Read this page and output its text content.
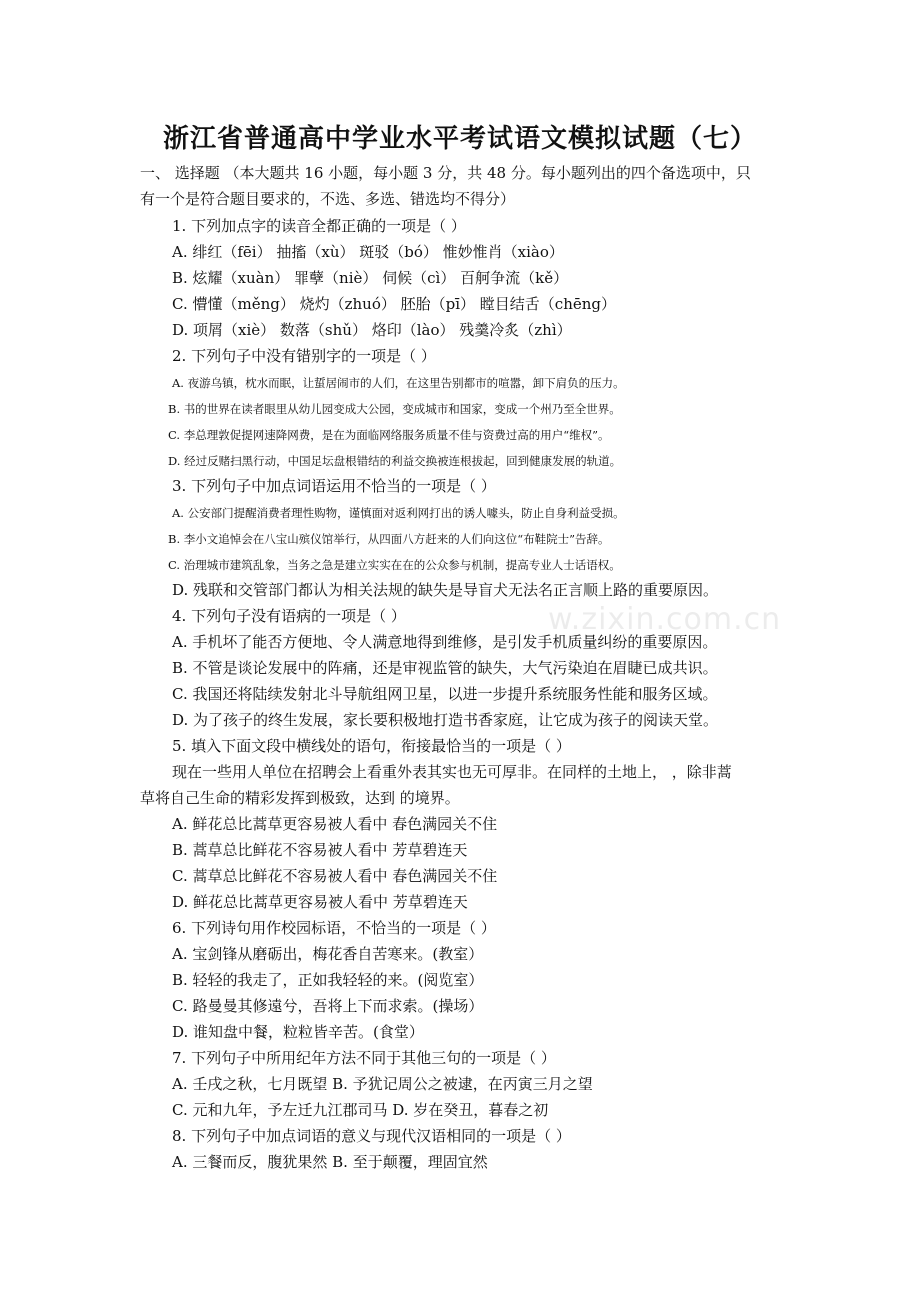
浙江省普通高中学业水平考试语文模拟试题（七）
一、 选择题 （本大题共 16 小题，每小题 3 分，共 48 分。每小题列出的四个备选项中，只
有一个是符合题目要求的，不选、多选、错选均不得分）
1. 下列加点字的读音全都正确的一项是（ ）
A. 绯红（fēi） 抽搐（xù） 斑驳（bó） 惟妙惟肖（xiào）
B. 炫耀（xuàn） 罪孽（niè） 伺候（cì） 百舸争流（kě）
C. 懵懂（měng） 烧灼（zhuó） 胚胎（pī） 瞠目结舌（chēng）
D. 项屑（xiè） 数落（shǔ） 烙印（lào） 残羹冷炙（zhì）
2. 下列句子中没有错别字的一项是（ ）
A. 夜游乌镇，枕水而眠，让蜇居闹市的人们，在这里告别都市的喧嚣，卸下肩负的压力。
B. 书的世界在读者眼里从幼儿园变成大公园，变成城市和国家，变成一个州乃至全世界。
C. 李总理敦促提网速降网费，是在为面临网络服务质量不佳与资费过高的用户“维权”。
D. 经过反赌扫黑行动，中国足坛盘根错结的利益交换被连根拔起，回到健康发展的轨道。
3. 下列句子中加点词语运用不恰当的一项是（ ）
A. 公安部门提醒消费者理性购物，谨慎面对返利网打出的诱人噱头，防止自身利益受损。
B. 李小文追悼会在八宝山殡仪馆举行，从四面八方赶来的人们向这位“布鞋院士”告辞。
C. 治理城市建筑乱象，当务之急是建立实实在在的公众参与机制，提高专业人士话语权。
D. 残联和交管部门都认为相关法规的缺失是导盲犬无法名正言顺上路的重要原因。
4. 下列句子没有语病的一项是（ ）
A. 手机坏了能否方便地、令人满意地得到维修，是引发手机质量纠纷的重要原因。
B. 不管是谈论发展中的阵痛，还是审视监管的缺失，大气污染迫在眉睫已成共识。
C. 我国还将陆续发射北斗导航组网卫星，以进一步提升系统服务性能和服务区域。
D. 为了孩子的终生发展，家长要积极地打造书香家庭，让它成为孩子的阅读天堂。
5. 填入下面文段中横线处的语句，衔接最恰当的一项是（ ）
现在一些用人单位在招聘会上看重外表其实也无可厚非。在同样的土地上， ，除非蒿
草将自己生命的精彩发挥到极致，达到 的境界。
A. 鲜花总比蒿草更容易被人看中 春色满园关不住
B. 蒿草总比鲜花不容易被人看中 芳草碧连天
C. 蒿草总比鲜花不容易被人看中 春色满园关不住
D. 鲜花总比蒿草更容易被人看中 芳草碧连天
6. 下列诗句用作校园标语，不恰当的一项是（ ）
A. 宝剑锋从磨砺出，梅花香自苦寒来。(教室）
B. 轻轻的我走了，正如我轻轻的来。(阅览室）
C. 路曼曼其修遠兮，吾将上下而求索。(操场）
D. 谁知盘中餐，粒粒皆辛苦。(食堂）
7. 下列句子中所用纪年方法不同于其他三句的一项是（ ）
A. 壬戌之秋，七月既望 B. 予犹记周公之被逮，在丙寅三月之望
C. 元和九年，予左迁九江郡司马 D. 岁在癸丑，暮春之初
8. 下列句子中加点词语的意义与现代汉语相同的一项是（ ）
A. 三餐而反，腹犹果然 B. 至于颠覆，理固宜然
w.zixin.com.cn
